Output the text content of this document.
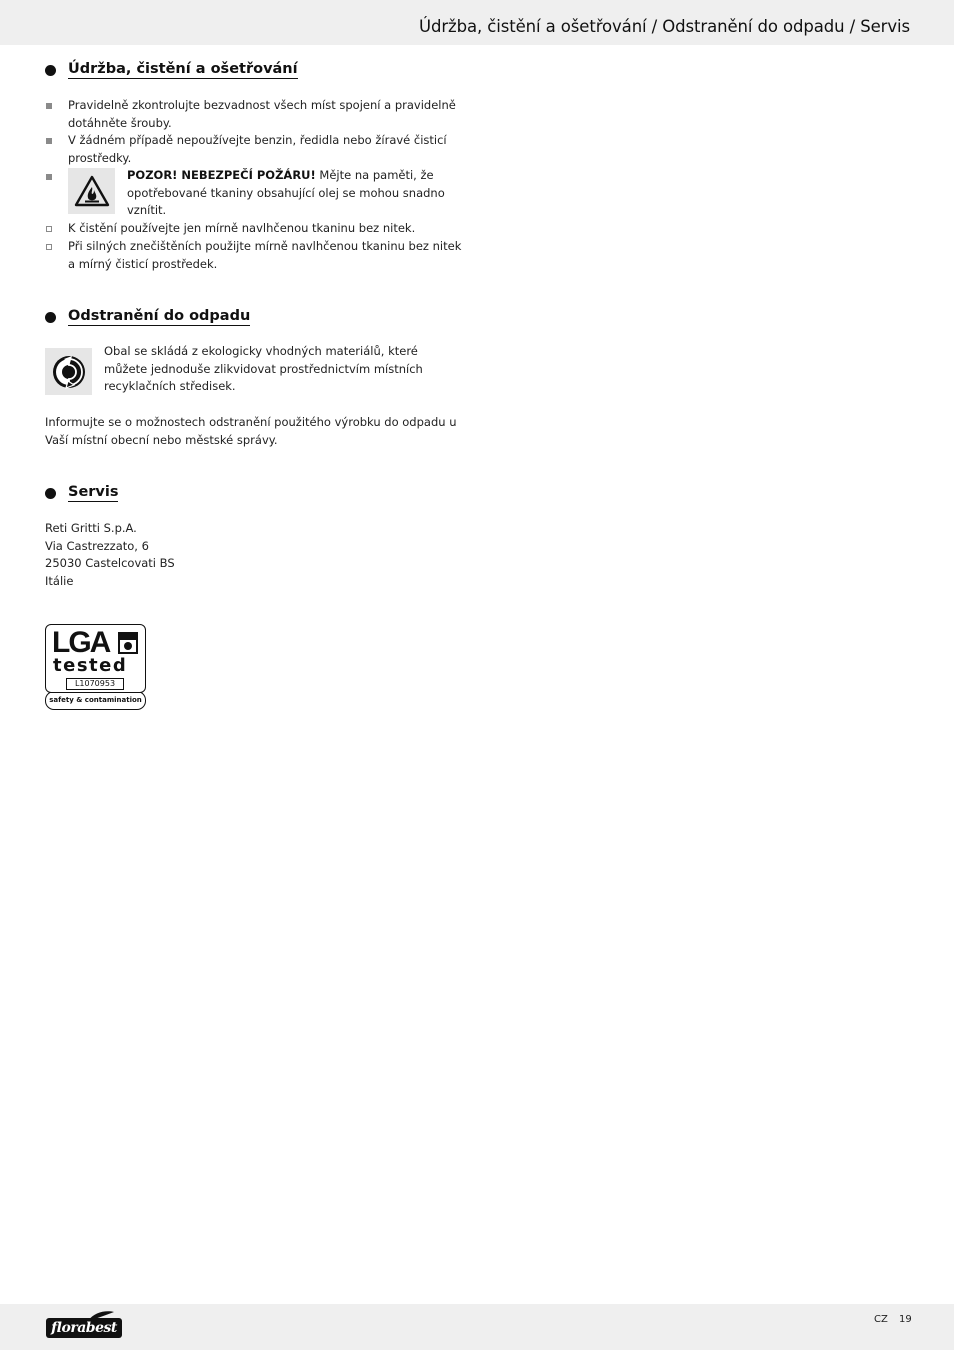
Údržba, čistění a ošetřování / Odstranění do odpadu / Servis
Údržba, čistění a ošetřování
Pravidelně zkontrolujte bezvadnost všech míst spojení a pravidelně dotáhněte šrouby.
V žádném případě nepoužívejte benzin, ředidla nebo žíravé čisticí prostředky.
POZOR! NEBEZPEČÍ POŽÁRU! Mějte na paměti, že opotřebované tkaniny obsahující olej se mohou snadno vznítit.
K čistění používejte jen mírně navlhčenou tkaninu bez nitek.
Při silných znečištěních použijte mírně navlhčenou tkaninu bez nitek a mírný čisticí prostředek.
Odstranění do odpadu
Obal se skládá z ekologicky vhodných materiálů, které můžete jednoduše zlikvidovat prostřednictvím místních recyklačních středisek.
Informujte se o možnostech odstranění použitého výrobku do odpadu u Vaší místní obecní nebo městské správy.
Servis
Reti Gritti S.p.A.
Via Castrezzato, 6
25030 Castelcovati BS
Itálie
safety & contamination
LGA
tested
L1070953
florabest
CZ 19
